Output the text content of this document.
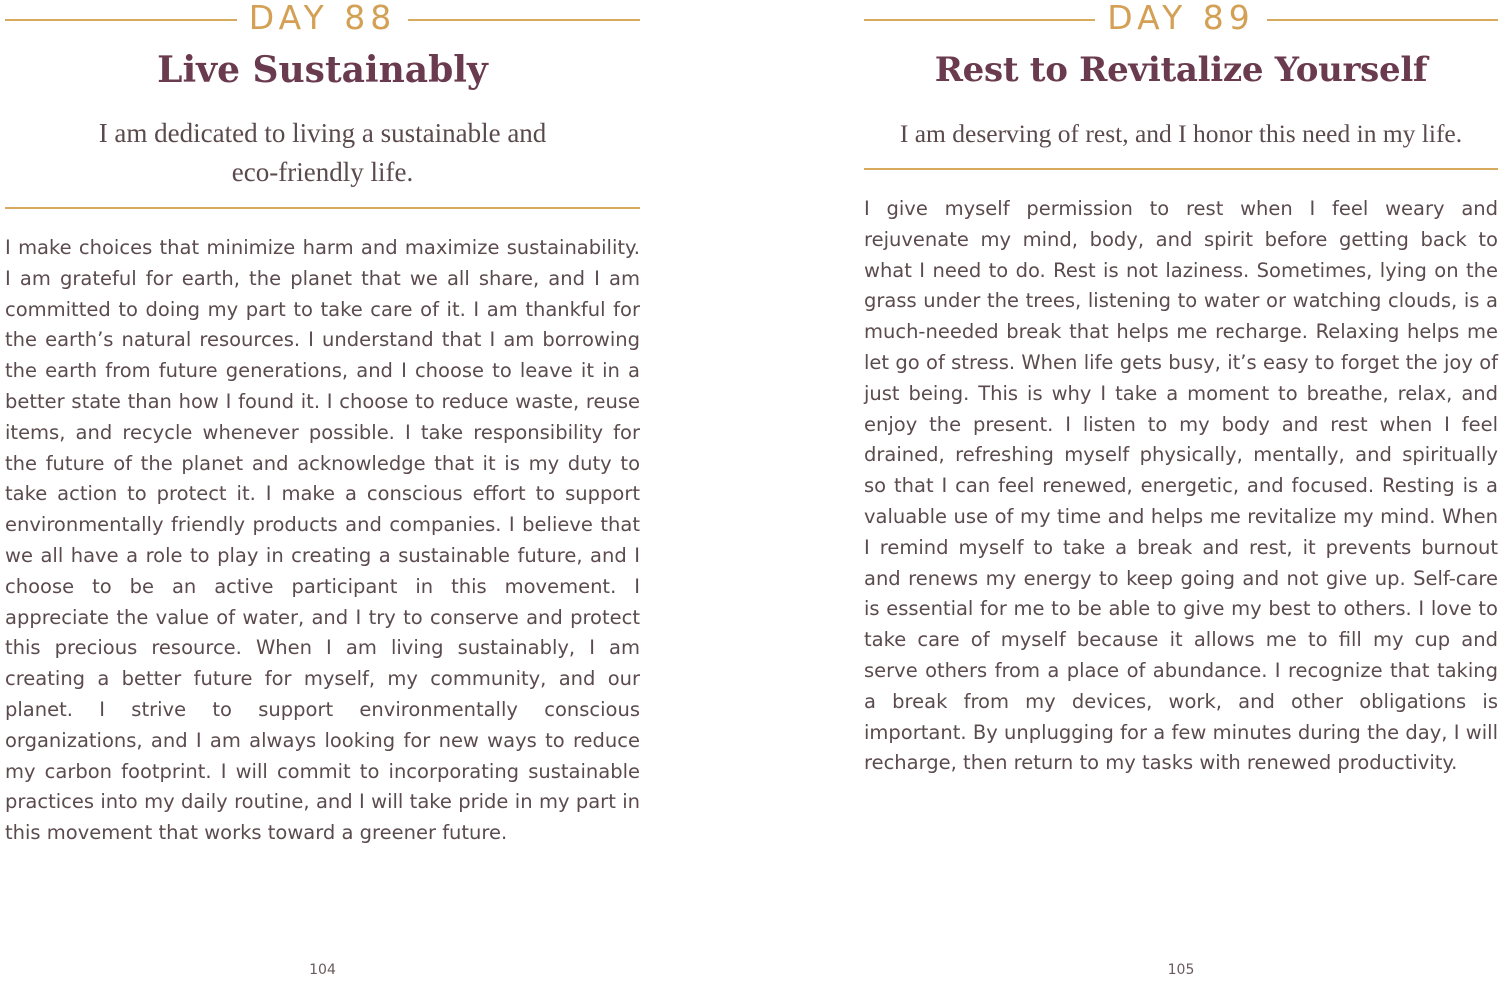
DAY 88
Live Sustainably
I am dedicated to living a sustainable and eco-friendly life.

I make choices that minimize harm and maximize sustainability. I am grateful for earth, the planet that we all share, and I am committed to doing my part to take care of it. I am thankful for the earth’s natural resources. I understand that I am borrowing the earth from future generations, and I choose to leave it in a better state than how I found it. I choose to reduce waste, reuse items, and recycle whenever possible. I take responsibility for the future of the planet and acknowledge that it is my duty to take action to protect it. I make a conscious effort to support environmentally friendly products and companies. I believe that we all have a role to play in creating a sustainable future, and I choose to be an active participant in this movement. I appreciate the value of water, and I try to conserve and protect this precious resource. When I am living sustainably, I am creating a better future for myself, my community, and our planet. I strive to support environmentally conscious organizations, and I am always looking for new ways to reduce my carbon footprint. I will commit to incorporating sustainable practices into my daily routine, and I will take pride in my part in this movement that works toward a greener future.

104
DAY 89
Rest to Revitalize Yourself
I am deserving of rest, and I honor this need in my life.

I give myself permission to rest when I feel weary and rejuvenate my mind, body, and spirit before getting back to what I need to do. Rest is not laziness. Sometimes, lying on the grass under the trees, listening to water or watching clouds, is a much-needed break that helps me recharge. Relaxing helps me let go of stress. When life gets busy, it’s easy to forget the joy of just being. This is why I take a moment to breathe, relax, and enjoy the present. I listen to my body and rest when I feel drained, refreshing myself physically, mentally, and spiritually so that I can feel renewed, energetic, and focused. Resting is a valuable use of my time and helps me revitalize my mind. When I remind myself to take a break and rest, it prevents burnout and renews my energy to keep going and not give up. Self-care is essential for me to be able to give my best to others. I love to take care of myself because it allows me to fill my cup and serve others from a place of abundance. I recognize that taking a break from my devices, work, and other obligations is important. By unplugging for a few minutes during the day, I will recharge, then return to my tasks with renewed productivity.

105
